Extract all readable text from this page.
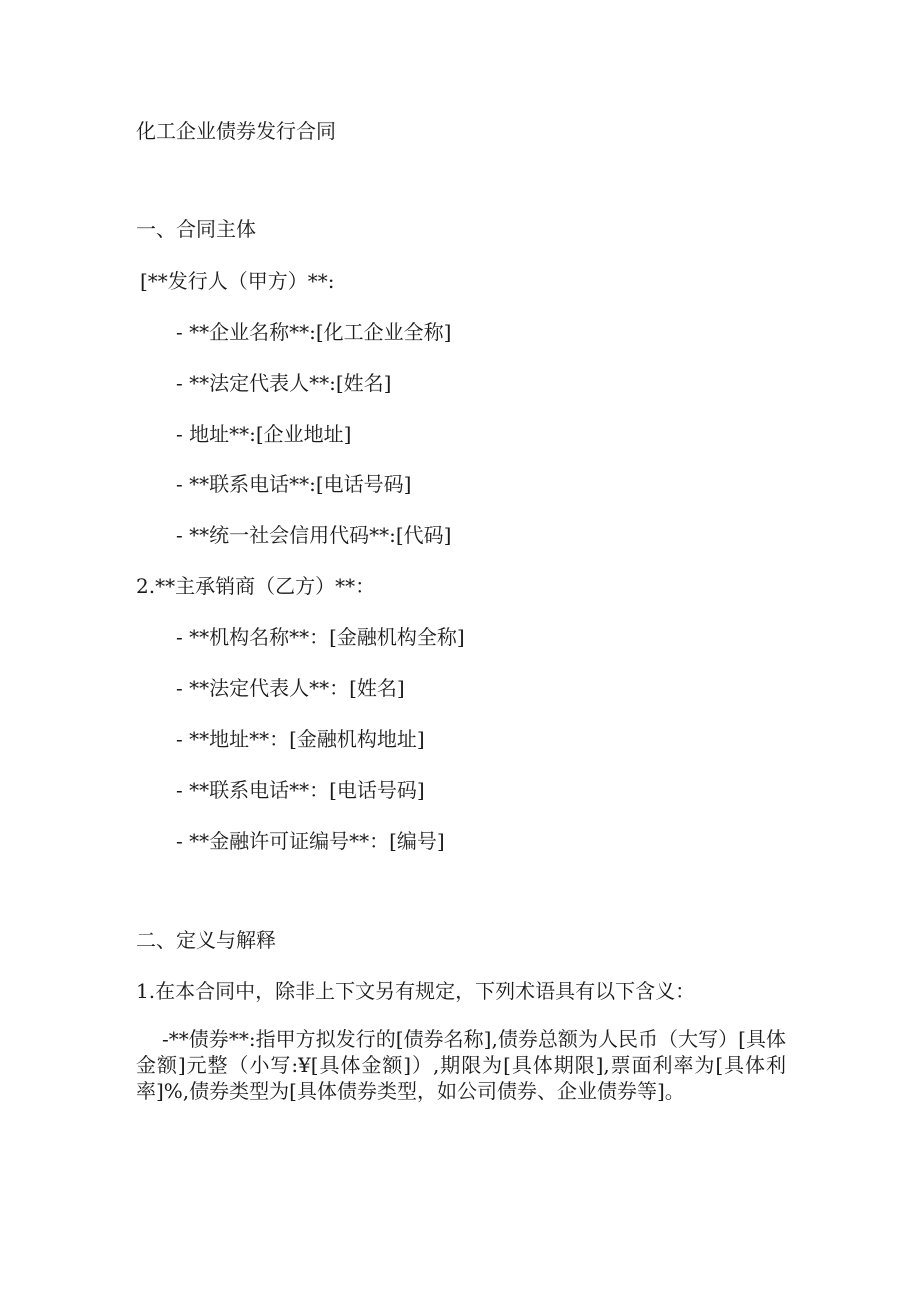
化工企业债券发行合同
一、合同主体
[**发行人（甲方）**:
- **企业名称**:[化工企业全称]
- **法定代表人**:[姓名]
- 地址**:[企业地址]
- **联系电话**:[电话号码]
- **统一社会信用代码**:[代码]
2.**主承销商（乙方）**：
- **机构名称**：[金融机构全称]
- **法定代表人**：[姓名]
- **地址**：[金融机构地址]
- **联系电话**：[电话号码]
- **金融许可证编号**：[编号]
二、定义与解释
1.在本合同中，除非上下文另有规定，下列术语具有以下含义：
-**债券**:指甲方拟发行的[债券名称],债券总额为人民币（大写）[具体金额]元整（小写:¥[具体金额]）,期限为[具体期限],票面利率为[具体利率]%,债券类型为[具体债券类型，如公司债券、企业债券等]。
